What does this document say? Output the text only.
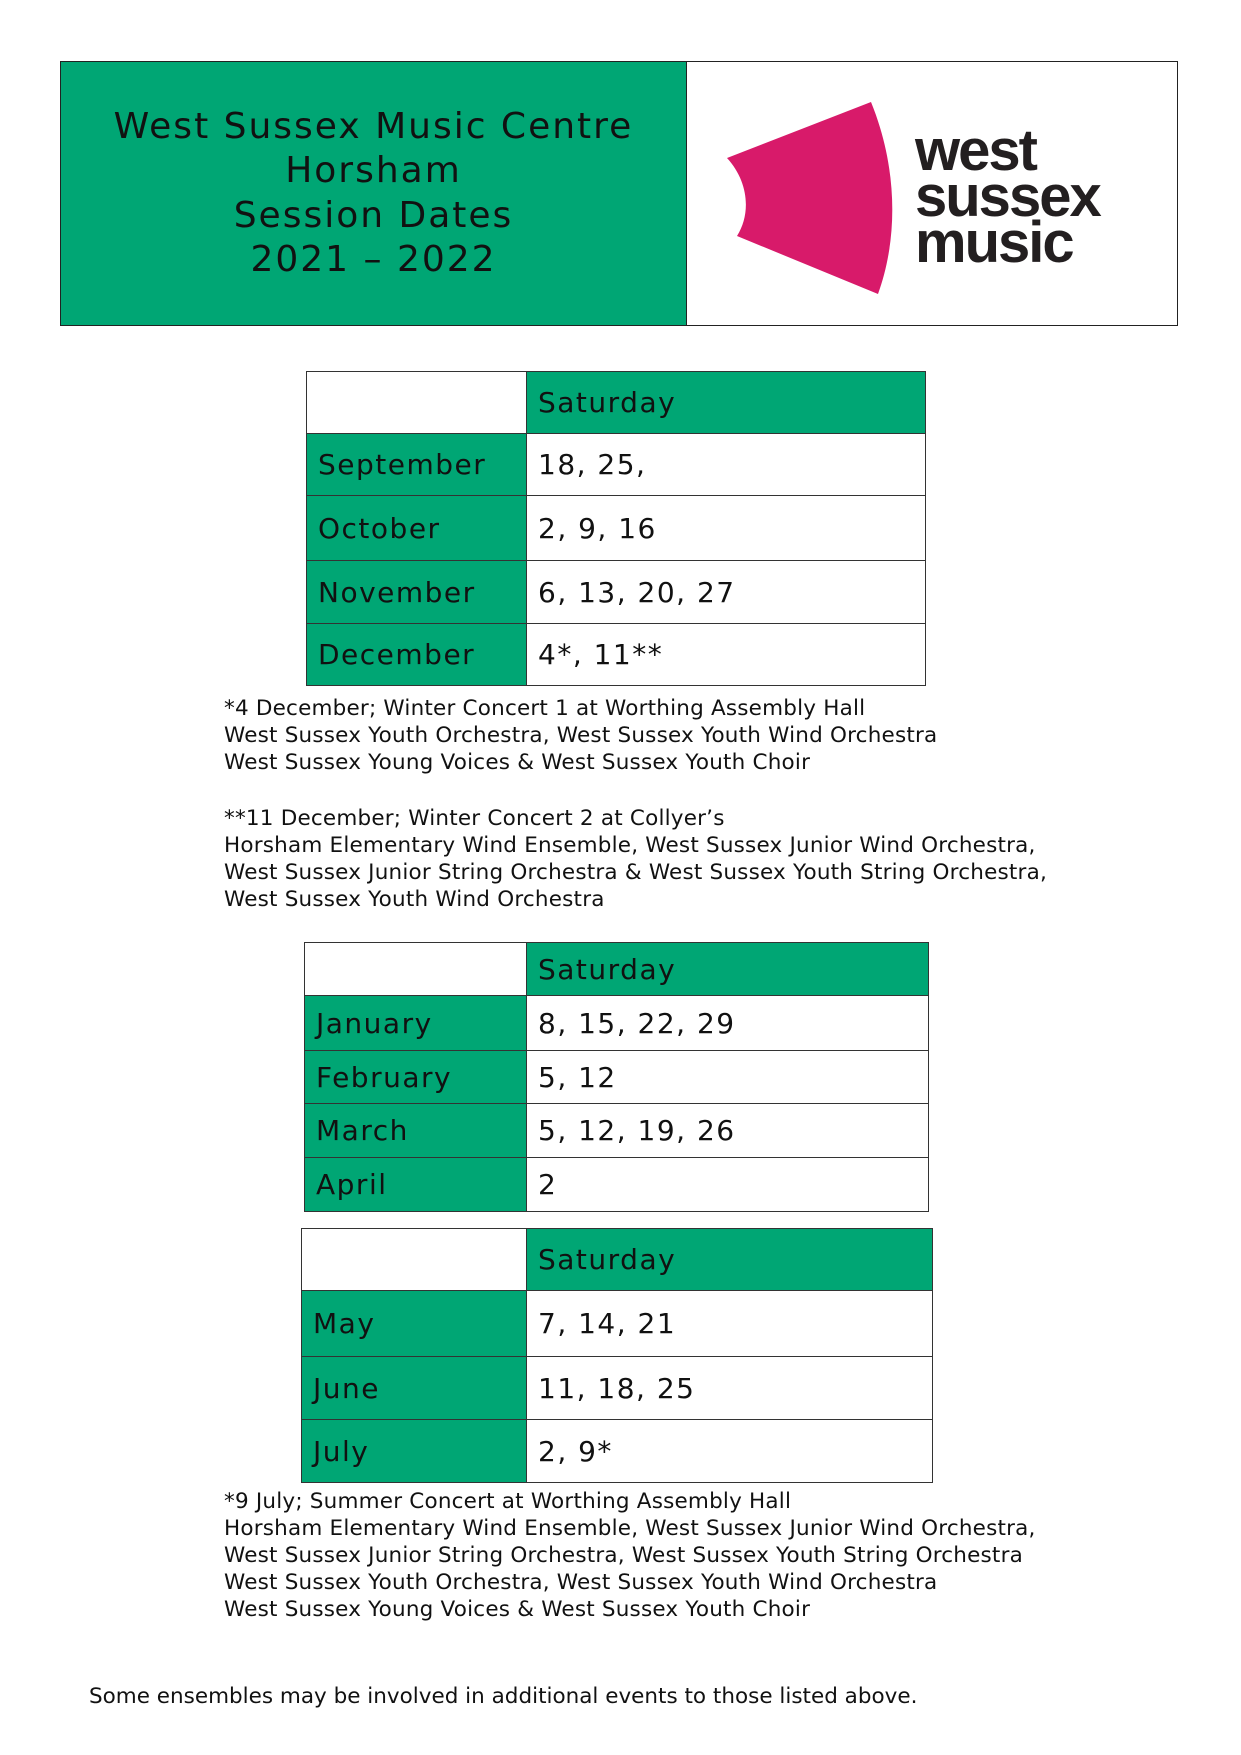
West Sussex Music Centre
Horsham
Session Dates
2021 – 2022
west
sussex
music
	Saturday
September	18, 25,
October	2, 9, 16
November	6, 13, 20, 27
December	4*, 11**
*4 December; Winter Concert 1 at Worthing Assembly Hall
West Sussex Youth Orchestra, West Sussex Youth Wind Orchestra
West Sussex Young Voices & West Sussex Youth Choir
**11 December; Winter Concert 2 at Collyer’s
Horsham Elementary Wind Ensemble, West Sussex Junior Wind Orchestra,
West Sussex Junior String Orchestra & West Sussex Youth String Orchestra,
West Sussex Youth Wind Orchestra
	Saturday
January	8, 15, 22, 29
February	5, 12
March	5, 12, 19, 26
April	2
	Saturday
May	7, 14, 21
June	11, 18, 25
July	2, 9*
*9 July; Summer Concert at Worthing Assembly Hall
Horsham Elementary Wind Ensemble, West Sussex Junior Wind Orchestra,
West Sussex Junior String Orchestra, West Sussex Youth String Orchestra
West Sussex Youth Orchestra, West Sussex Youth Wind Orchestra
West Sussex Young Voices & West Sussex Youth Choir
Some ensembles may be involved in additional events to those listed above.
